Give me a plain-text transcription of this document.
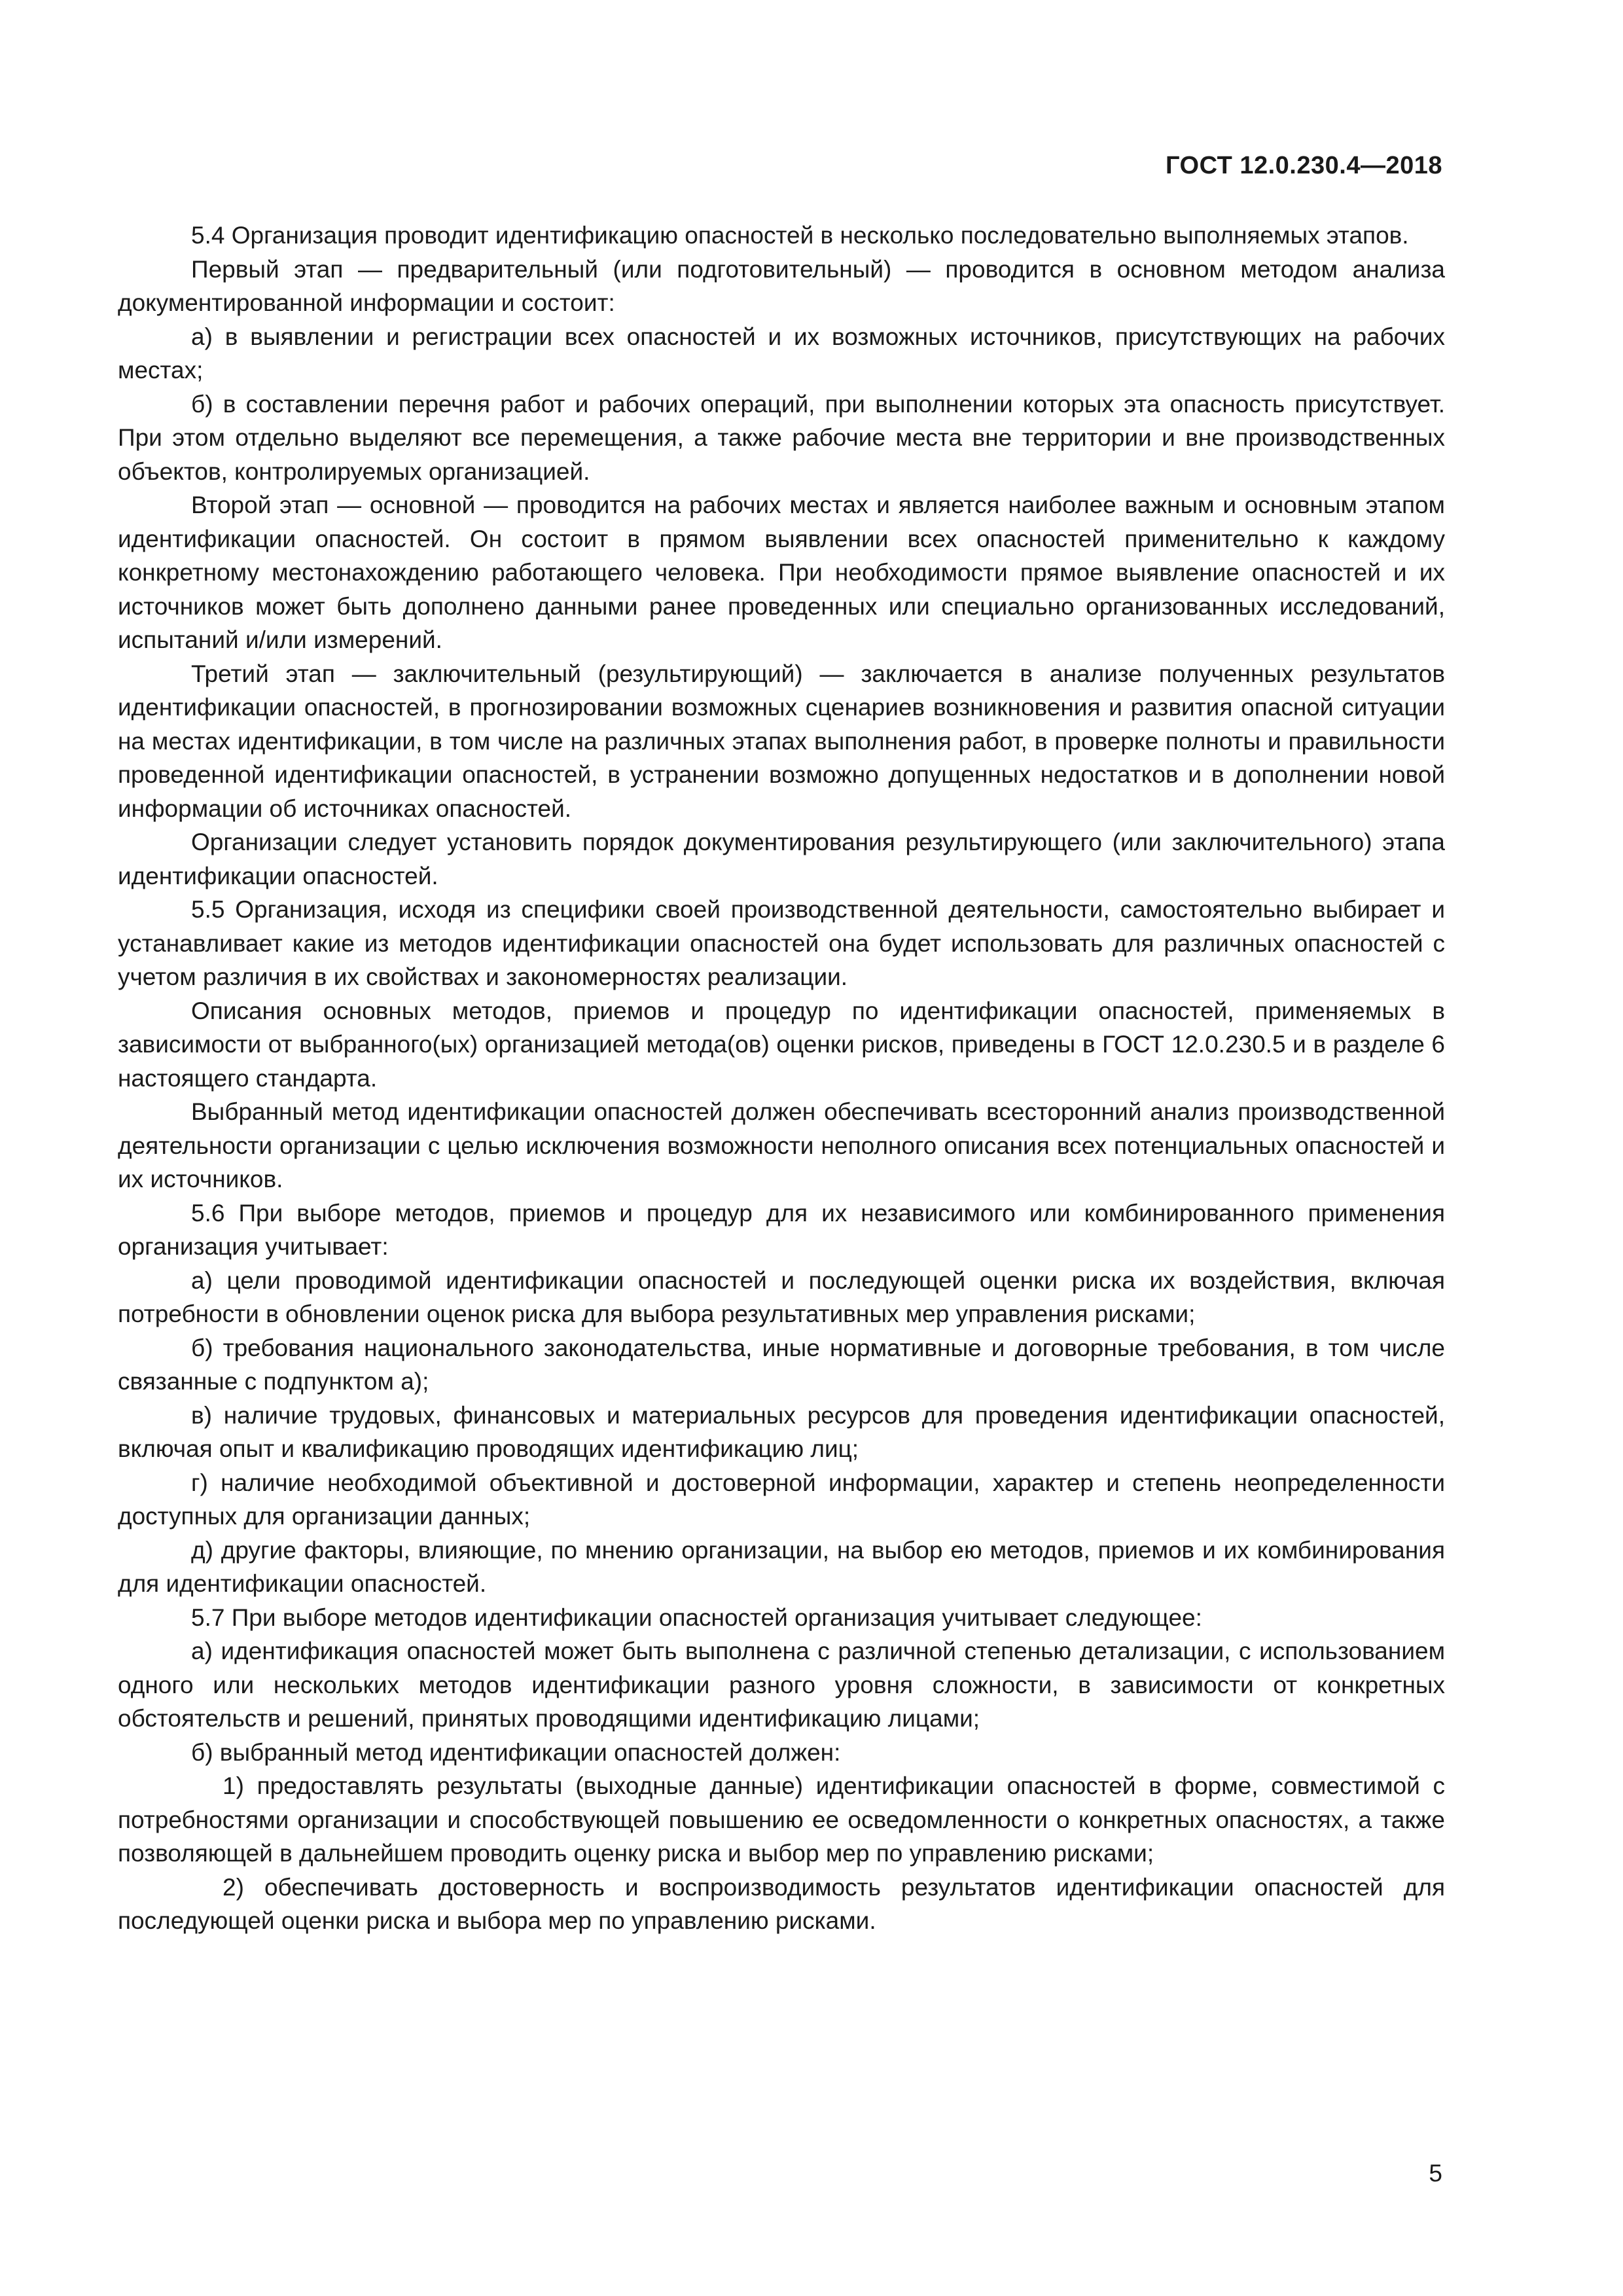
ГОСТ 12.0.230.4—2018

5.4 Организация проводит идентификацию опасностей в несколько последовательно выполняемых этапов.

Первый этап — предварительный (или подготовительный) — проводится в основном методом анализа документированной информации и состоит:

а) в выявлении и регистрации всех опасностей и их возможных источников, присутствующих на рабочих местах;

б) в составлении перечня работ и рабочих операций, при выполнении которых эта опасность присутствует. При этом отдельно выделяют все перемещения, а также рабочие места вне территории и вне производственных объектов, контролируемых организацией.

Второй этап — основной — проводится на рабочих местах и является наиболее важным и основным этапом идентификации опасностей. Он состоит в прямом выявлении всех опасностей применительно к каждому конкретному местонахождению работающего человека. При необходимости прямое выявление опасностей и их источников может быть дополнено данными ранее проведенных или специально организованных исследований, испытаний и/или измерений.

Третий этап — заключительный (результирующий) — заключается в анализе полученных результатов идентификации опасностей, в прогнозировании возможных сценариев возникновения и развития опасной ситуации на местах идентификации, в том числе на различных этапах выполнения работ, в проверке полноты и правильности проведенной идентификации опасностей, в устранении возможно допущенных недостатков и в дополнении новой информации об источниках опасностей.

Организации следует установить порядок документирования результирующего (или заключительного) этапа идентификации опасностей.

5.5 Организация, исходя из специфики своей производственной деятельности, самостоятельно выбирает и устанавливает какие из методов идентификации опасностей она будет использовать для различных опасностей с учетом различия в их свойствах и закономерностях реализации.

Описания основных методов, приемов и процедур по идентификации опасностей, применяемых в зависимости от выбранного(ых) организацией метода(ов) оценки рисков, приведены в ГОСТ 12.0.230.5 и в разделе 6 настоящего стандарта.

Выбранный метод идентификации опасностей должен обеспечивать всесторонний анализ производственной деятельности организации с целью исключения возможности неполного описания всех потенциальных опасностей и их источников.

5.6 При выборе методов, приемов и процедур для их независимого или комбинированного применения организация учитывает:

а) цели проводимой идентификации опасностей и последующей оценки риска их воздействия, включая потребности в обновлении оценок риска для выбора результативных мер управления рисками;

б) требования национального законодательства, иные нормативные и договорные требования, в том числе связанные с подпунктом а);

в) наличие трудовых, финансовых и материальных ресурсов для проведения идентификации опасностей, включая опыт и квалификацию проводящих идентификацию лиц;

г) наличие необходимой объективной и достоверной информации, характер и степень неопределенности доступных для организации данных;

д) другие факторы, влияющие, по мнению организации, на выбор ею методов, приемов и их комбинирования для идентификации опасностей.

5.7 При выборе методов идентификации опасностей организация учитывает следующее:

а) идентификация опасностей может быть выполнена с различной степенью детализации, с использованием одного или нескольких методов идентификации разного уровня сложности, в зависимости от конкретных обстоятельств и решений, принятых проводящими идентификацию лицами;

б) выбранный метод идентификации опасностей должен:

1) предоставлять результаты (выходные данные) идентификации опасностей в форме, совместимой с потребностями организации и способствующей повышению ее осведомленности о конкретных опасностях, а также позволяющей в дальнейшем проводить оценку риска и выбор мер по управлению рисками;

2) обеспечивать достоверность и воспроизводимость результатов идентификации опасностей для последующей оценки риска и выбора мер по управлению рисками.

5
